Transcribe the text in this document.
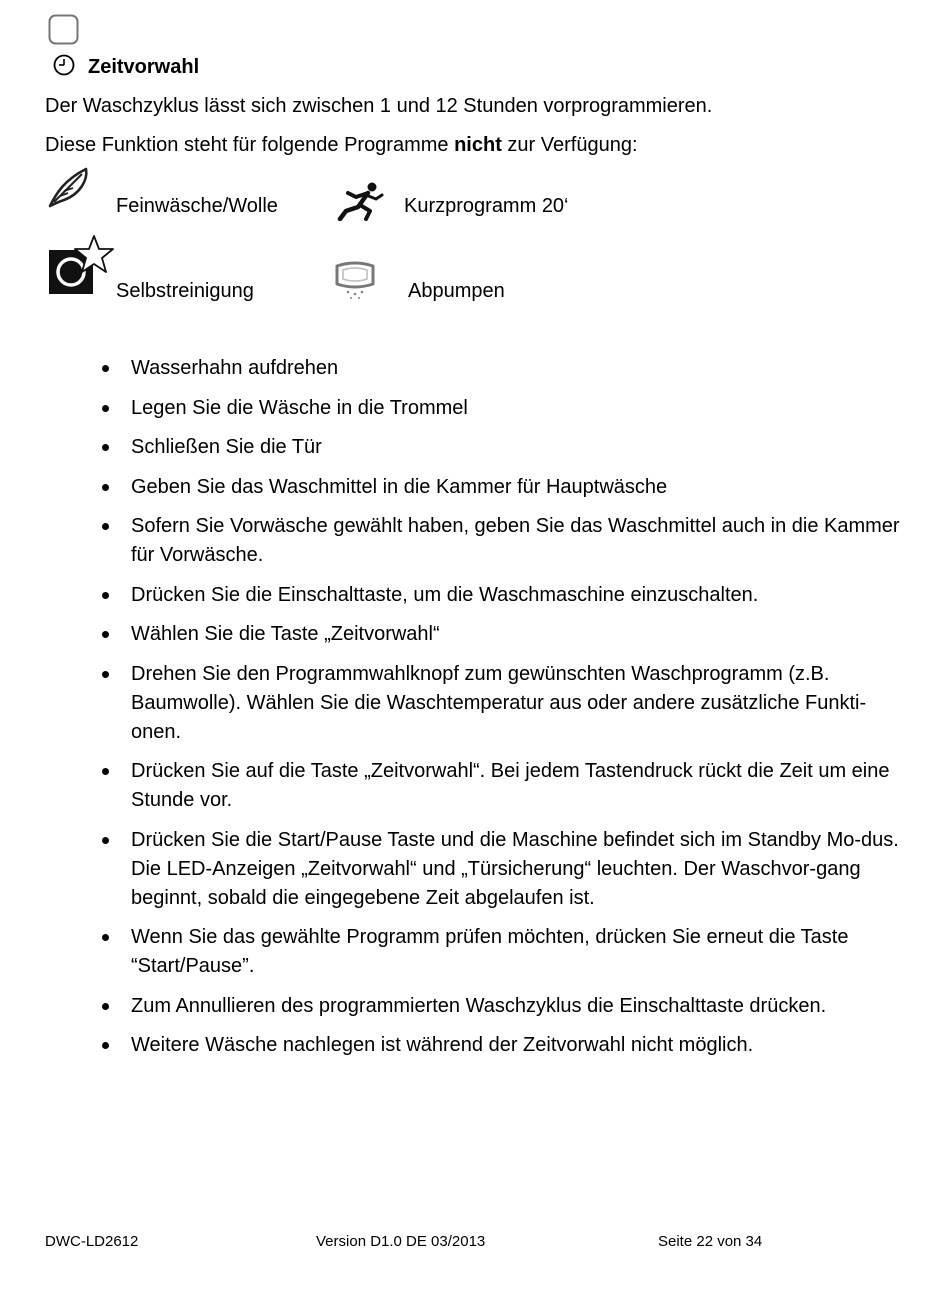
Zeitvorwahl
Der Waschzyklus lässt sich zwischen 1 und 12 Stunden vorprogrammieren.
Diese Funktion steht für folgende Programme nicht zur Verfügung:
Feinwäsche/Wolle	Kurzprogramm 20‘
Selbstreinigung	Abpumpen
Wasserhahn aufdrehen
Legen Sie die Wäsche in die Trommel
Schließen Sie die Tür
Geben Sie das Waschmittel in die Kammer für Hauptwäsche
Sofern Sie Vorwäsche gewählt haben, geben Sie das Waschmittel auch in die Kammer für Vorwäsche.
Drücken Sie die Einschalttaste, um die Waschmaschine einzuschalten.
Wählen Sie die Taste „Zeitvorwahl“
Drehen Sie den Programmwahlknopf zum gewünschten Waschprogramm (z.B. Baumwolle). Wählen Sie die Waschtemperatur aus oder andere zusätzliche Funkti-onen.
Drücken Sie auf die Taste „Zeitvorwahl“. Bei jedem Tastendruck rückt die Zeit um eine Stunde vor.
Drücken Sie die Start/Pause Taste und die Maschine befindet sich im Standby Mo-dus. Die LED-Anzeigen „Zeitvorwahl“ und „Türsicherung“ leuchten. Der Waschvor-gang beginnt, sobald die eingegebene Zeit abgelaufen ist.
Wenn Sie das gewählte Programm prüfen möchten, drücken Sie erneut die Taste “Start/Pause”.
Zum Annullieren des programmierten Waschzyklus die Einschalttaste drücken.
Weitere Wäsche nachlegen ist während der Zeitvorwahl nicht möglich.
DWC-LD2612	Version D1.0 DE 03/2013	Seite 22 von 34
